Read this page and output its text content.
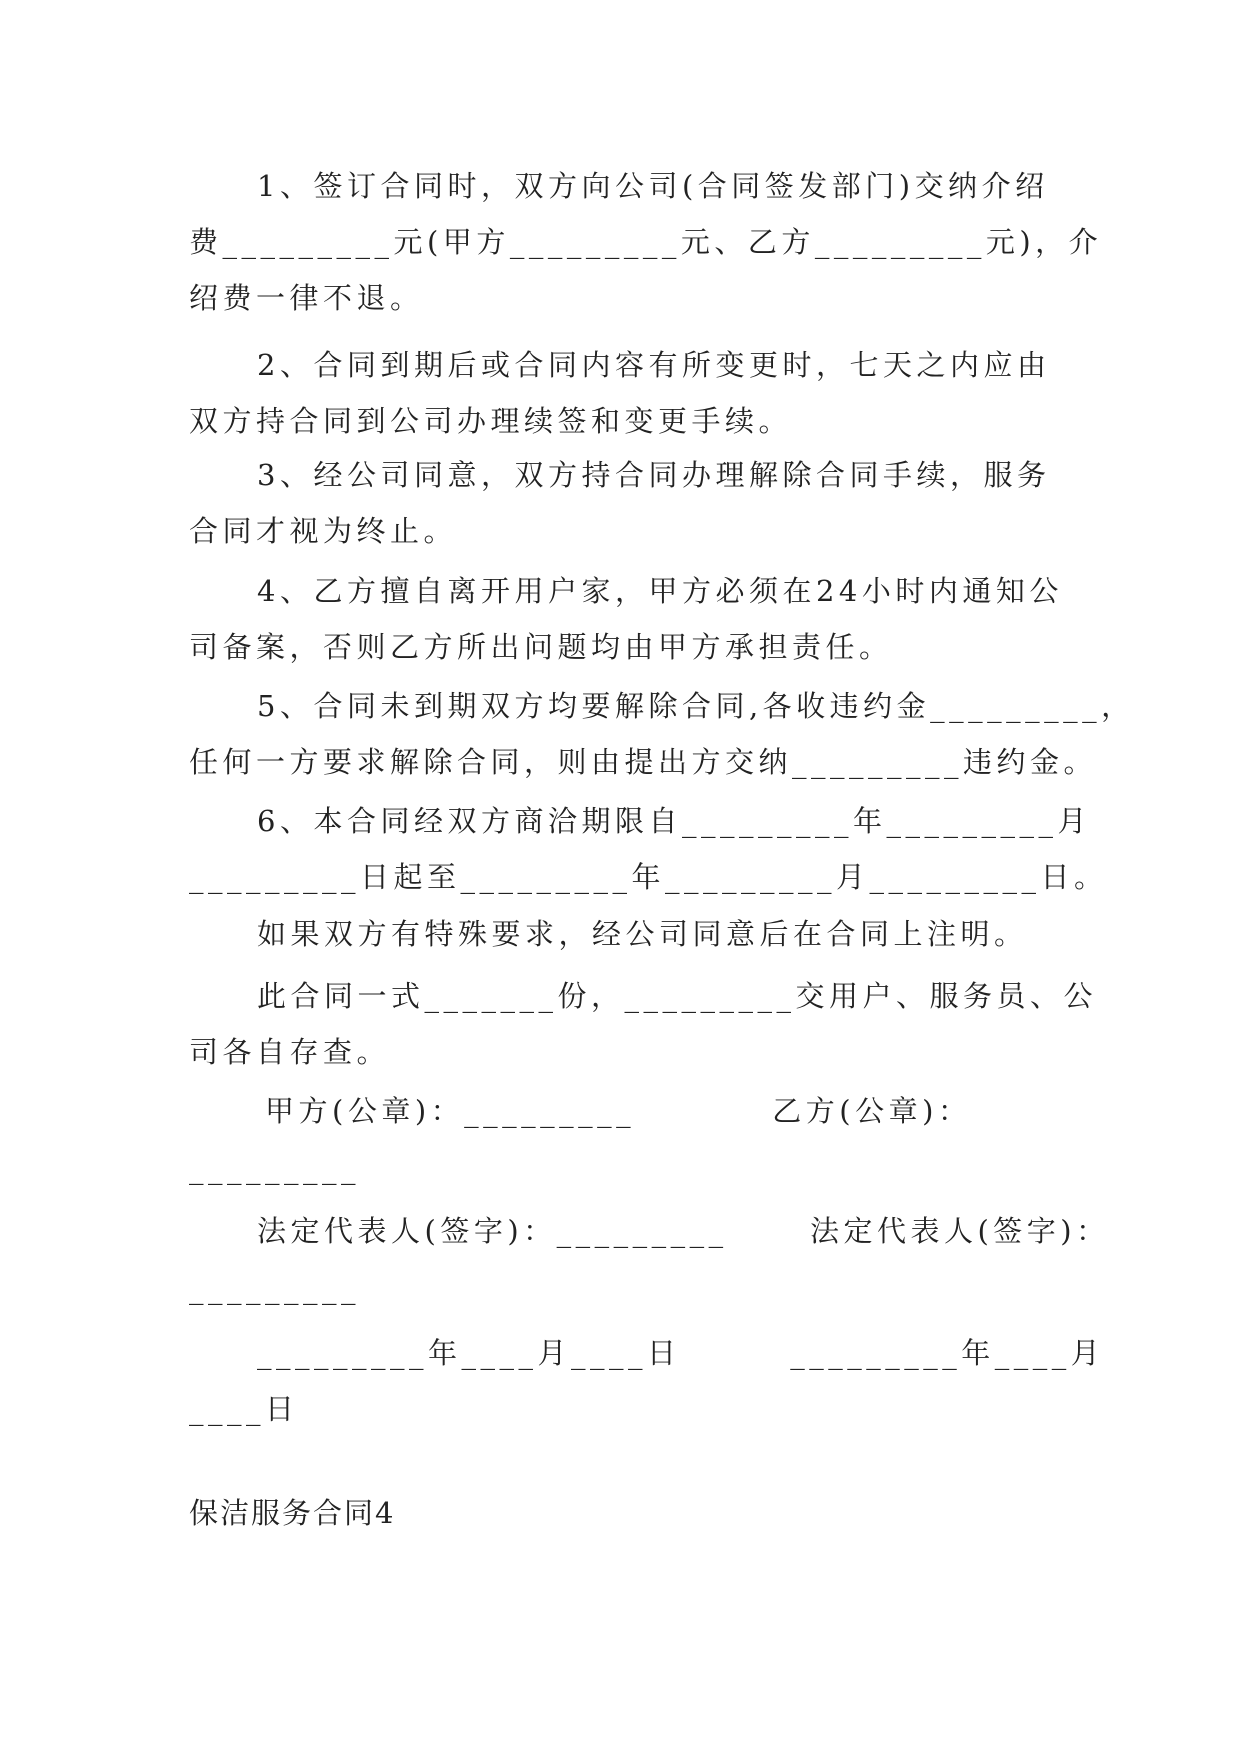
1、签订合同时，双方向公司(合同签发部门)交纳介绍
费_________元(甲方_________元、乙方_________元)，介
绍费一律不退。
2、合同到期后或合同内容有所变更时，七天之内应由
双方持合同到公司办理续签和变更手续。
3、经公司同意，双方持合同办理解除合同手续，服务
合同才视为终止。
4、乙方擅自离开用户家，甲方必须在24小时内通知公
司备案，否则乙方所出问题均由甲方承担责任。
5、合同未到期双方均要解除合同,各收违约金_________，
任何一方要求解除合同，则由提出方交纳_________违约金。
6、本合同经双方商洽期限自_________年_________月
_________日起至_________年_________月_________日。
如果双方有特殊要求，经公司同意后在合同上注明。
此合同一式_______份，_________交用户、服务员、公
司各自存查。
甲方(公章)：_________          乙方(公章)：
_________
法定代表人(签字)：_________      法定代表人(签字)：
_________
_________年____月____日        _________年____月
____日
保洁服务合同4
